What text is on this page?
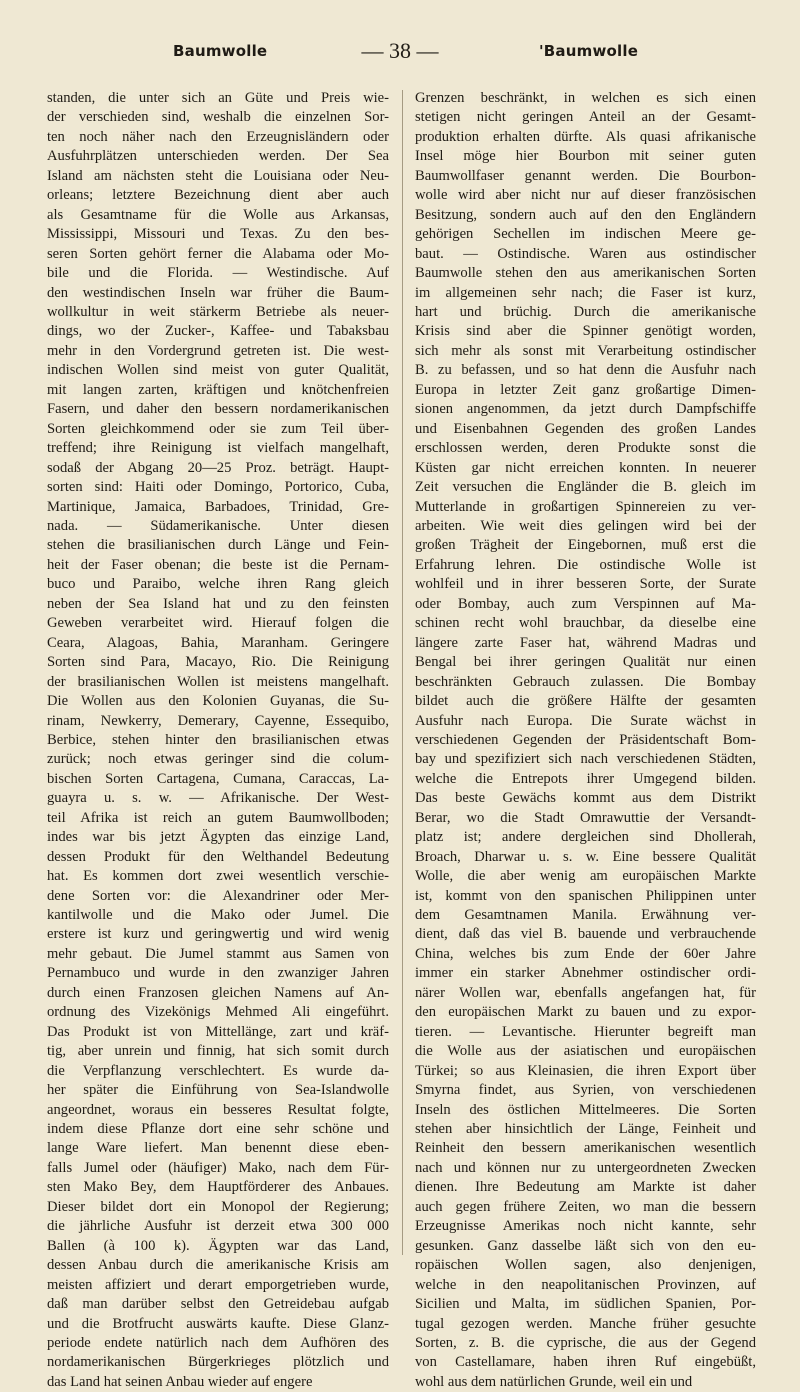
Baumwolle	— 38 —	'Baumwolle
standen, die unter sich an Güte und Preis wie-
der verschieden sind, weshalb die einzelnen Sor-
ten noch näher nach den Erzeugnisländern oder
Ausfuhrplätzen unterschieden werden. Der Sea
Island am nächsten steht die Louisiana oder Neu-
orleans; letztere Bezeichnung dient aber auch
als Gesamtname für die Wolle aus Arkansas,
Mississippi, Missouri und Texas. Zu den bes-
seren Sorten gehört ferner die Alabama oder Mo-
bile und die Florida. — Westindische. Auf
den westindischen Inseln war früher die Baum-
wollkultur in weit stärkerm Betriebe als neuer-
dings, wo der Zucker-, Kaffee- und Tabaksbau
mehr in den Vordergrund getreten ist. Die west-
indischen Wollen sind meist von guter Qualität,
mit langen zarten, kräftigen und knötchenfreien
Fasern, und daher den bessern nordamerikanischen
Sorten gleichkommend oder sie zum Teil über-
treffend; ihre Reinigung ist vielfach mangelhaft,
sodaß der Abgang 20—25 Proz. beträgt. Haupt-
sorten sind: Haiti oder Domingo, Portorico, Cuba,
Martinique, Jamaica, Barbadoes, Trinidad, Gre-
nada. — Südamerikanische. Unter diesen
stehen die brasilianischen durch Länge und Fein-
heit der Faser obenan; die beste ist die Pernam-
buco und Paraibo, welche ihren Rang gleich
neben der Sea Island hat und zu den feinsten
Geweben verarbeitet wird. Hierauf folgen die
Ceara, Alagoas, Bahia, Maranham. Geringere
Sorten sind Para, Macayo, Rio. Die Reinigung
der brasilianischen Wollen ist meistens mangelhaft.
Die Wollen aus den Kolonien Guyanas, die Su-
rinam, Newkerry, Demerary, Cayenne, Essequibo,
Berbice, stehen hinter den brasilianischen etwas
zurück; noch etwas geringer sind die colum-
bischen Sorten Cartagena, Cumana, Caraccas, La-
guayra u. s. w. — Afrikanische. Der West-
teil Afrika ist reich an gutem Baumwollboden;
indes war bis jetzt Ägypten das einzige Land,
dessen Produkt für den Welthandel Bedeutung
hat. Es kommen dort zwei wesentlich verschie-
dene Sorten vor: die Alexandriner oder Mer-
kantilwolle und die Mako oder Jumel. Die
erstere ist kurz und geringwertig und wird wenig
mehr gebaut. Die Jumel stammt aus Samen von
Pernambuco und wurde in den zwanziger Jahren
durch einen Franzosen gleichen Namens auf An-
ordnung des Vizekönigs Mehmed Ali eingeführt.
Das Produkt ist von Mittellänge, zart und kräf-
tig, aber unrein und finnig, hat sich somit durch
die Verpflanzung verschlechtert. Es wurde da-
her später die Einführung von Sea-Islandwolle
angeordnet, woraus ein besseres Resultat folgte,
indem diese Pflanze dort eine sehr schöne und
lange Ware liefert. Man benennt diese eben-
falls Jumel oder (häufiger) Mako, nach dem Für-
sten Mako Bey, dem Hauptförderer des Anbaues.
Dieser bildet dort ein Monopol der Regierung;
die jährliche Ausfuhr ist derzeit etwa 300 000
Ballen (à 100 k). Ägypten war das Land,
dessen Anbau durch die amerikanische Krisis am
meisten affiziert und derart emporgetrieben wurde,
daß man darüber selbst den Getreidebau aufgab
und die Brotfrucht auswärts kaufte. Diese Glanz-
periode endete natürlich nach dem Aufhören des
nordamerikanischen Bürgerkrieges plötzlich und
das Land hat seinen Anbau wieder auf engere
Grenzen beschränkt, in welchen es sich einen
stetigen nicht geringen Anteil an der Gesamt-
produktion erhalten dürfte. Als quasi afrikanische
Insel möge hier Bourbon mit seiner guten
Baumwollfaser genannt werden. Die Bourbon-
wolle wird aber nicht nur auf dieser französischen
Besitzung, sondern auch auf den den Engländern
gehörigen Sechellen im indischen Meere ge-
baut. — Ostindische. Waren aus ostindischer
Baumwolle stehen den aus amerikanischen Sorten
im allgemeinen sehr nach; die Faser ist kurz,
hart und brüchig. Durch die amerikanische
Krisis sind aber die Spinner genötigt worden,
sich mehr als sonst mit Verarbeitung ostindischer
B. zu befassen, und so hat denn die Ausfuhr nach
Europa in letzter Zeit ganz großartige Dimen-
sionen angenommen, da jetzt durch Dampfschiffe
und Eisenbahnen Gegenden des großen Landes
erschlossen werden, deren Produkte sonst die
Küsten gar nicht erreichen konnten. In neuerer
Zeit versuchen die Engländer die B. gleich im
Mutterlande in großartigen Spinnereien zu ver-
arbeiten. Wie weit dies gelingen wird bei der
großen Trägheit der Eingebornen, muß erst die
Erfahrung lehren. Die ostindische Wolle ist
wohlfeil und in ihrer besseren Sorte, der Surate
oder Bombay, auch zum Verspinnen auf Ma-
schinen recht wohl brauchbar, da dieselbe eine
längere zarte Faser hat, während Madras und
Bengal bei ihrer geringen Qualität nur einen
beschränkten Gebrauch zulassen. Die Bombay
bildet auch die größere Hälfte der gesamten
Ausfuhr nach Europa. Die Surate wächst in
verschiedenen Gegenden der Präsidentschaft Bom-
bay und spezifiziert sich nach verschiedenen Städten,
welche die Entrepots ihrer Umgegend bilden.
Das beste Gewächs kommt aus dem Distrikt
Berar, wo die Stadt Omrawuttie der Versandt-
platz ist; andere dergleichen sind Dhollerah,
Broach, Dharwar u. s. w. Eine bessere Qualität
Wolle, die aber wenig am europäischen Markte
ist, kommt von den spanischen Philippinen unter
dem Gesamtnamen Manila. Erwähnung ver-
dient, daß das viel B. bauende und verbrauchende
China, welches bis zum Ende der 60er Jahre
immer ein starker Abnehmer ostindischer ordi-
närer Wollen war, ebenfalls angefangen hat, für
den europäischen Markt zu bauen und zu expor-
tieren. — Levantische. Hierunter begreift man
die Wolle aus der asiatischen und europäischen
Türkei; so aus Kleinasien, die ihren Export über
Smyrna findet, aus Syrien, von verschiedenen
Inseln des östlichen Mittelmeeres. Die Sorten
stehen aber hinsichtlich der Länge, Feinheit und
Reinheit den bessern amerikanischen wesentlich
nach und können nur zu untergeordneten Zwecken
dienen. Ihre Bedeutung am Markte ist daher
auch gegen frühere Zeiten, wo man die bessern
Erzeugnisse Amerikas noch nicht kannte, sehr
gesunken. Ganz dasselbe läßt sich von den eu-
ropäischen Wollen sagen, also denjenigen,
welche in den neapolitanischen Provinzen, auf
Sicilien und Malta, im südlichen Spanien, Por-
tugal gezogen werden. Manche früher gesuchte
Sorten, z. B. die cyprische, die aus der Gegend
von Castellamare, haben ihren Ruf eingebüßt,
wohl aus dem natürlichen Grunde, weil ein und
